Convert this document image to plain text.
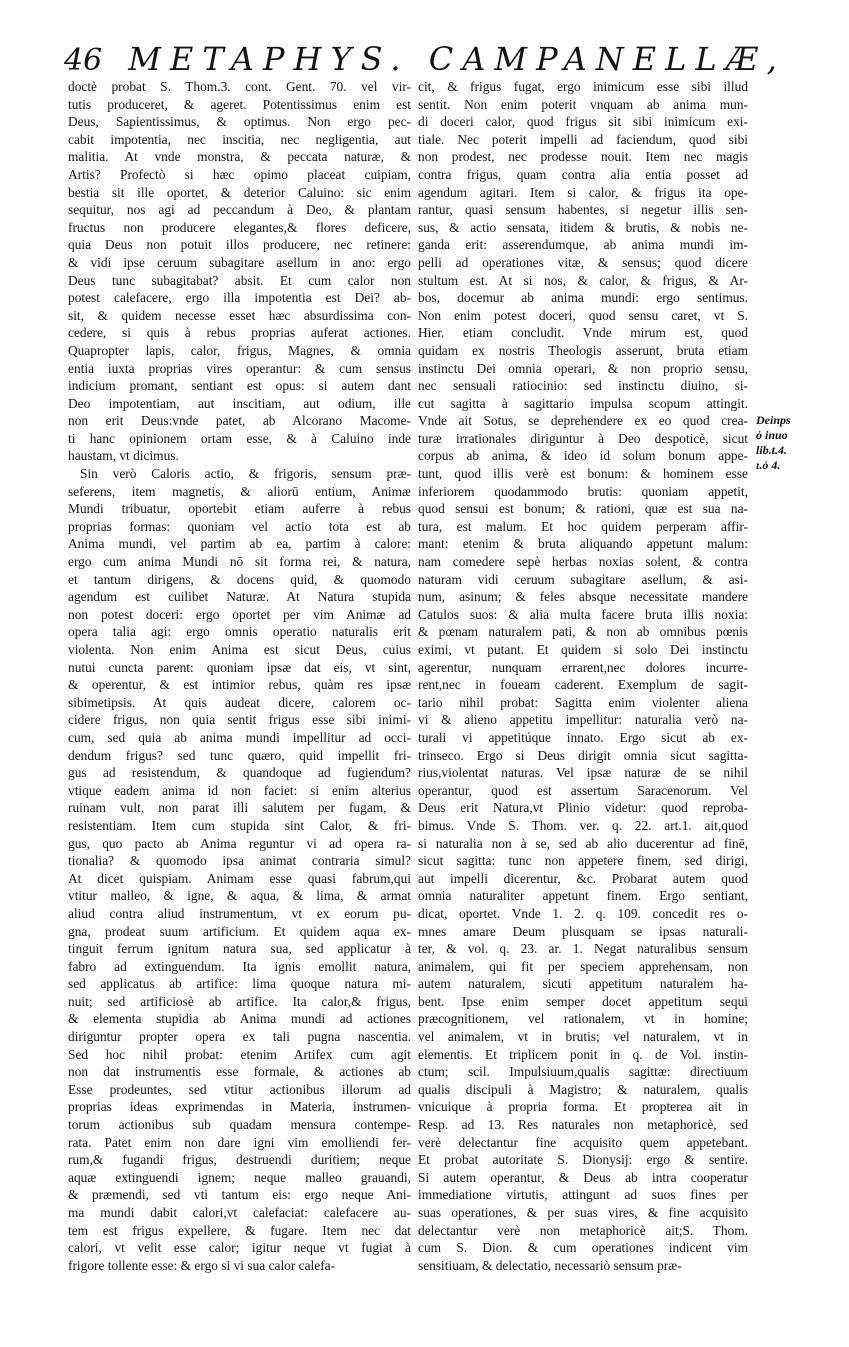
46 METAPHYS. CAMPANELLÆ,
doctè probat S. Thom.3. cont. Gent. 70. vel vir-
tutis produceret, & ageret. Potentissimus enim est
Deus, Sapientissimus, & optimus. Non ergo pec-
cabit impotentia, nec inscitia, nec negligentia, aut
malitia. At vnde monstra, & peccata naturæ, &
Artis? Profectò si hæc opimo placeat cuipiam,
bestia sit ille oportet, & deterior Caluino: sic enim
sequitur, nos agi ad peccandum à Deo, & plantam
fructus non producere elegantes,& flores deficere,
quia Deus non potuit illos producere, nec retinere:
& vidi ipse ceruum subagitare asellum in ano: ergo
Deus tunc subagitabat? absit. Et cum calor non
potest calefacere, ergo illa impotentia est Dei? ab-
sit, & quidem necesse esset hæc absurdissima con-
cedere, si quis à rebus proprias auferat actiones.
Quapropter lapis, calor, frigus, Magnes, & omnia
entia iuxta proprias vires operantur: & cum sensus
indicium promant, sentiant est opus: si autem dant
Deo impotentiam, aut inscitiam, aut odium, ille
non erit Deus:vnde patet, ab Alcorano Macome-
ti hanc opinionem ortam esse, & à Caluino inde
haustam, vt dicimus.
Sin verò Caloris actio, & frigoris, sensum præ-
seferens, item magnetis, & aliorū entium, Animæ
Mundi tribuatur, oportebit etiam auferre à rebus
proprias formas: quoniam vel actio tota est ab
Anima mundi, vel partim ab ea, partim à calore:
ergo cum anima Mundi nō sit forma rei, & natura,
et tantum dirigens, & docens quid, & quomodo
agendum est cuilibet Naturæ. At Natura stupida
non potest doceri: ergo oportet per vim Animæ ad
opera talia agi: ergo omnis operatio naturalis erit
violenta. Non enim Anima est sicut Deus, cuius
nutui cuncta parent: quoniam ipsæ dat eis, vt sint,
& operentur, & est intimior rebus, quàm res ipsæ
sibimetipsis. At quis audeat dicere, calorem oc-
cidere frigus, non quia sentit frigus esse sibi inimi-
cum, sed quia ab anima mundi impellitur ad occi-
dendum frigus? sed tunc quæro, quid impellit fri-
gus ad resistendum, & quandoque ad fugiendum?
vtique eadem anima id non faciet: si enim alterius
ruinam vult, non parat illi salutem per fugam, &
resistentiam. Item cum stupida sint Calor, & fri-
gus, quo pacto ab Anima reguntur vi ad opera ra-
tionalia? & quomodo ipsa animat contraria simul?
At dicet quispiam. Animam esse quasi fabrum,qui
vtitur malleo, & igne, & aqua, & lima, & armat
aliud contra aliud instrumentum, vt ex eorum pu-
gna, prodeat suum artificium. Et quidem aqua ex-
tinguit ferrum ignitum natura sua, sed applicatur à
fabro ad extinguendum. Ita ignis emollit natura,
sed applicatus ab artifice: lima quoque natura mi-
nuit; sed artificiosè ab artifice. Ita calor,& frigus,
& elementa stupidia ab Anima mundi ad actiones
diriguntur propter opera ex tali pugna nascentia.
Sed hoc nihil probat: etenim Artifex cum agit
non dat instrumentis esse formale, & actiones ab
Esse prodeuntes, sed vtitur actionibus illorum ad
proprias ideas exprimendas in Materia, instrumen-
torum actionibus sub quadam mensura contempe-
rata. Patet enim non dare igni vim emolliendi fer-
rum,& fugandi frigus, destruendi duritiem; neque
aquæ extinguendi ignem; neque malleo grauandi,
& præmendi, sed vti tantum eis: ergo neque Ani-
ma mundi dabit calori,vt calefaciat: calefacere au-
tem est frigus expellere, & fugare. Item nec dat
calori, vt velit esse calor; igitur neque vt fugiat à
frigore tollente esse: & ergo si vi sua calor calefa-
cit, & frigus fugat, ergo inimicum esse sibi illud
sentit. Non enim poterit vnquam ab anima mun-
di doceri calor, quod frigus sit sibi inimicum exi-
tiale. Nec poterit impelli ad faciendum, quod sibi
non prodest, nec prodesse nouit. Item nec magis
contra frigus, quam contra alia entia posset ad
agendum agitari. Item si calor, & frigus ita ope-
rantur, quasi sensum habentes, si negetur illis sen-
sus, & actio sensata, itidem & brutis, & nobis ne-
ganda erit: asserendumque, ab anima mundi im-
pelli ad operationes vitæ, & sensus; quod dicere
stultum est. At si nos, & calor, & frigus, & Ar-
bos, docemur ab anima mundi: ergo sentimus.
Non enim potest doceri, quod sensu caret, vt S.
Hier. etiam concludit. Vnde mirum est, quod
quidam ex nostris Theologis asserunt, bruta etiam
instinctu Dei omnia operari, & non proprio sensu,
nec sensuali ratiocinio: sed instinctu diuino, si-
cut sagitta à sagittario impulsa scopum attingit.
Vnde ait Sotus, se deprehendere ex eo quod crea-
turæ irrationales diriguntur à Deo despoticè, sicut
corpus ab anima, & ideo id solum bonum appe-
tunt, quod illis verè est bonum: & hominem esse
inferiorem quodammodo brutis: quoniam appetit,
quod sensui est bonum; & rationi, quæ est sua na-
tura, est malum. Et hoc quidem perperam affir-
mant: etenim & bruta aliquando appetunt malum:
nam comedere sepè herbas noxias solent, & contra
naturam vidi ceruum subagitare asellum, & asi-
num, asinum; & feles absque necessitate mandere
Catulos suos: & alia multa facere bruta illis noxia:
& pœnam naturalem pati, & non ab omnibus pœnis
eximi, vt putant. Et quidem si solo Dei instinctu
agerentur, nunquam errarent,nec dolores incurre-
rent,nec in foueam caderent. Exemplum de sagit-
tario nihil probat: Sagitta enim violenter aliena
vi & alieno appetitu impellitur: naturalia verò na-
turali vi appetitúque innato. Ergo sicut ab ex-
trinseco. Ergo si Deus dirigit omnia sicut sagitta-
rius,violentat naturas. Vel ipsæ naturæ de se nihil
operantur, quod est assertum Saracenorum. Vel
Deus erit Natura,vt Plinio videtur: quod reproba-
bimus. Vnde S. Thom. ver. q. 22. art.1. ait,quod
si naturalia non à se, sed ab alio ducerentur ad finē,
sicut sagitta: tunc non appetere finem, sed dirigi,
aut impelli dicerentur, &c. Probarat autem quod
omnia naturaliter appetunt finem. Ergo sentiant,
dicat, oportet. Vnde 1. 2. q. 109. concedit res o-
mnes amare Deum plusquam se ipsas naturali-
ter, & vol. q. 23. ar. 1. Negat naturalibus sensum
animalem, qui fit per speciem apprehensam, non
autem naturalem, sicuti appetitum naturalem ha-
bent. Ipse enim semper docet appetitum sequi
præcognitionem, vel rationalem, vt in homine;
vel animalem, vt in brutis; vel naturalem, vt in
elementis. Et triplicem ponit in q. de Vol. instin-
ctum; scil. Impulsiuum,qualis sagittæ: directiuum
qualis discipuli à Magistro; & naturalem, qualis
vnicuique à propria forma. Et propterea ait in
Resp. ad 13. Res naturales non metaphoricè, sed
verè delectantur fine acquisito quem appetebant.
Et probat autoritate S. Dionysij: ergo & sentire.
Si autem operantur, & Deus ab intra cooperatur
immediatione virtutis, attingunt ad suos fines per
suas operationes, & per suas vires, & fine acquisito
delectantur verè non metaphoricè ait;S. Thom.
cum S. Dion. & cum operationes indicent vim
sensitiuam, & delectatio, necessariò sensum præ-
Deinps
ὀ inuo
lib.t.4.
ι.ὀ 4.
